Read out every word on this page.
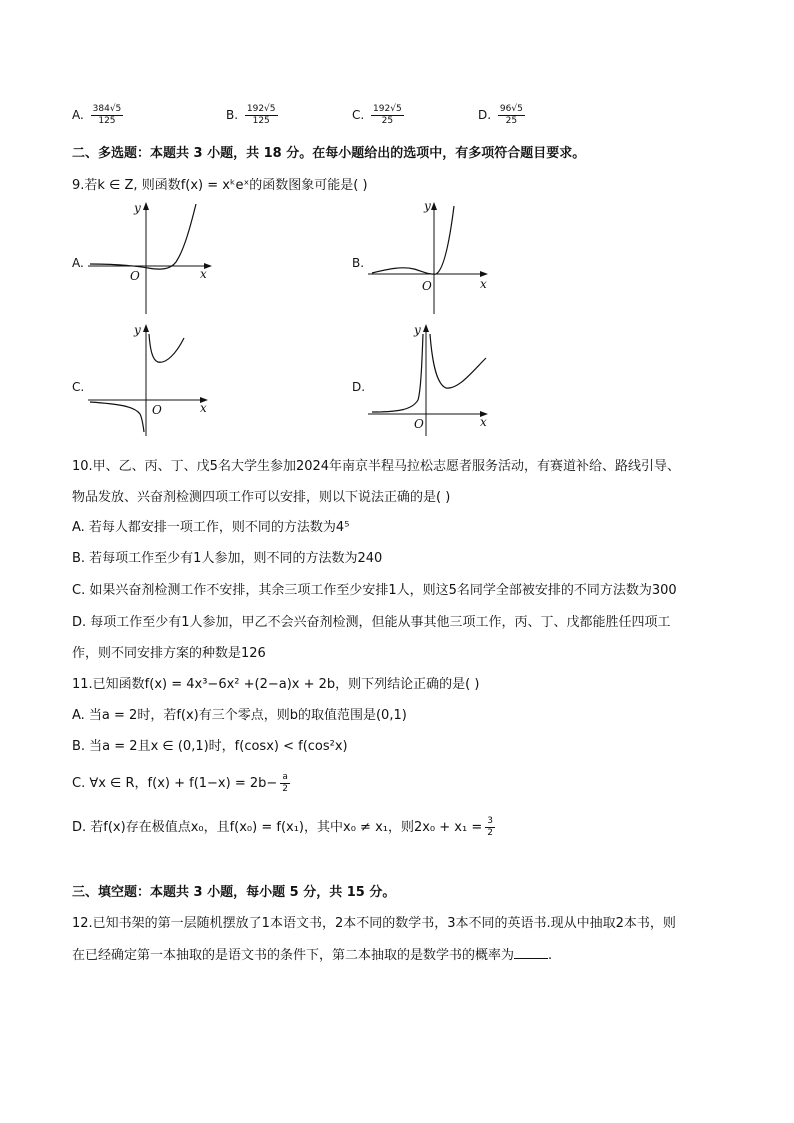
A. $\frac{384√5}{125}$	B. $\frac{192√5}{125}$	C. $\frac{192√5}{25}$	D. $\frac{96√5}{25}$
二、多选题：本题共 3 小题，共 18 分。在每小题给出的选项中，有多项符合题目要求。
9.若k ∈ Z, 则函数f(x) = xᵏeˣ的函数图象可能是( )
A.
y
x
O
B.
y
x
O
C.
y
x
O
D.
y
x
O
10.甲、乙、丙、丁、戊5名大学生参加2024年南京半程马拉松志愿者服务活动，有赛道补给、路线引导、
物品发放、兴奋剂检测四项工作可以安排，则以下说法正确的是( )
A. 若每人都安排一项工作，则不同的方法数为4⁵
B. 若每项工作至少有1人参加，则不同的方法数为240
C. 如果兴奋剂检测工作不安排，其余三项工作至少安排1人，则这5名同学全部被安排的不同方法数为300
D. 每项工作至少有1人参加，甲乙不会兴奋剂检测，但能从事其他三项工作，丙、丁、戊都能胜任四项工
作，则不同安排方案的种数是126
11.已知函数f(x) = 4x³−6x² +(2−a)x + 2b，则下列结论正确的是( )
A. 当a = 2时，若f(x)有三个零点，则b的取值范围是(0,1)
B. 当a = 2且x ∈ (0,1)时，f(cosx) < f(cos²x)
C. ∀x ∈ R，$f(x) + f(1-x) = 2b- \frac{a}{2}$
D. 若f(x)存在极值点x₀，且f(x₀) = f(x₁)，其中x₀ ≠ x₁，则$2x_0 + x_1 = \frac{3}{2}$
三、填空题：本题共 3 小题，每小题 5 分，共 15 分。
12.已知书架的第一层随机摆放了1本语文书，2本不同的数学书，3本不同的英语书.现从中抽取2本书，则
在已经确定第一本抽取的是语文书的条件下，第二本抽取的是数学书的概率为	.
